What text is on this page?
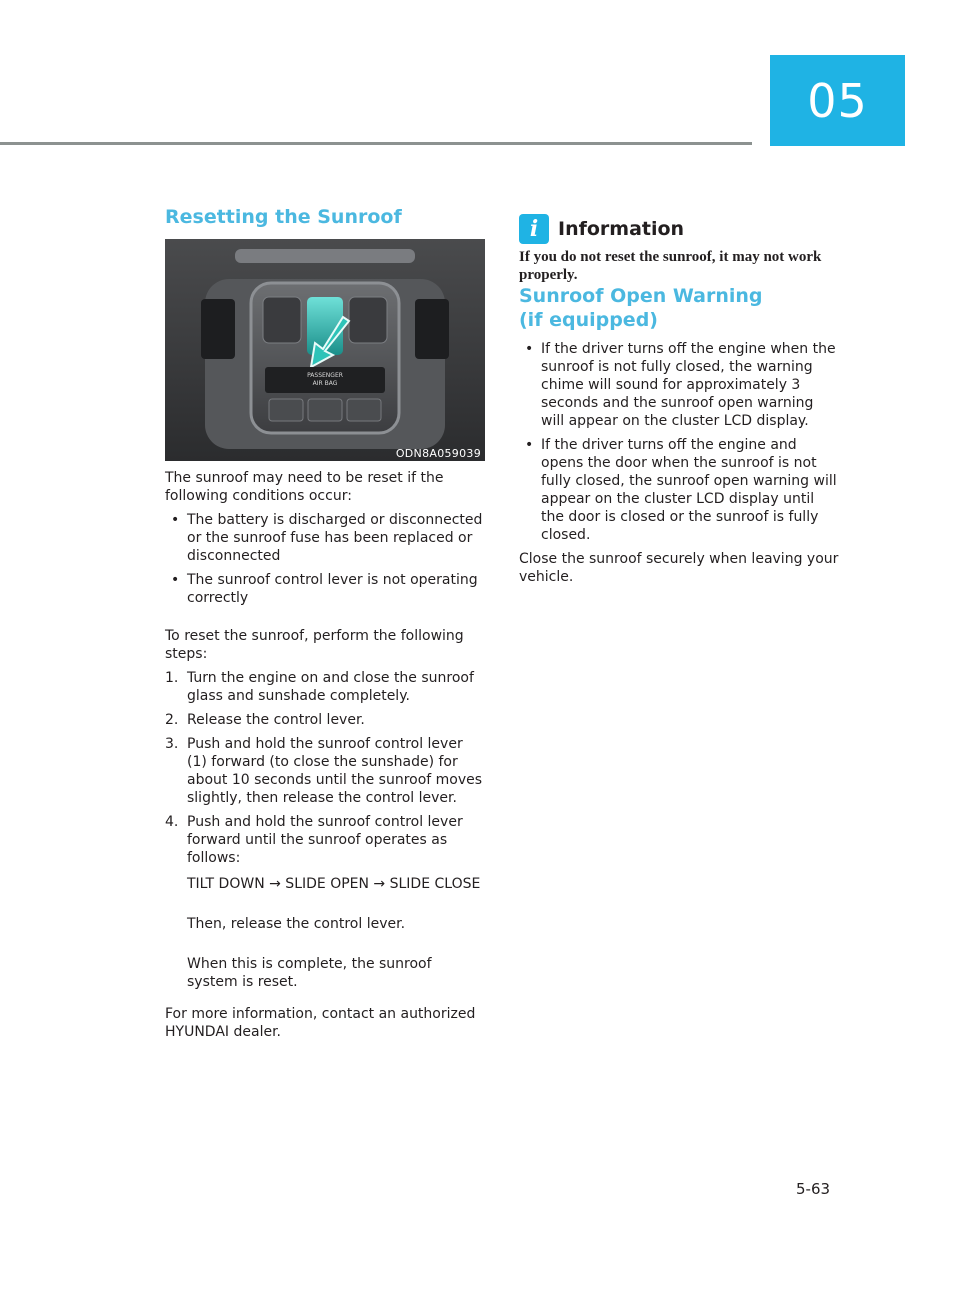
05
Resetting the Sunroof
PASSENGER
AIR BAG
ODN8A059039

The sunroof may need to be reset if the following conditions occur:

• The battery is discharged or disconnected or the sunroof fuse has been replaced or disconnected
• The sunroof control lever is not operating correctly

To reset the sunroof, perform the following steps:

1. Turn the engine on and close the sunroof glass and sunshade completely.
2. Release the control lever.
3. Push and hold the sunroof control lever (1) forward (to close the sunshade) for about 10 seconds until the sunroof moves slightly, then release the control lever.
4. Push and hold the sunroof control lever forward until the sunroof operates as follows:
TILT DOWN → SLIDE OPEN → SLIDE CLOSE
Then, release the control lever.
When this is complete, the sunroof system is reset.

For more information, contact an authorized HYUNDAI dealer.

i	Information
If you do not reset the sunroof, it may not work properly.
Sunroof Open Warning
(if equipped)
• If the driver turns off the engine when the sunroof is not fully closed, the warning chime will sound for approximately 3 seconds and the sunroof open warning will appear on the cluster LCD display.
• If the driver turns off the engine and opens the door when the sunroof is not fully closed, the sunroof open warning will appear on the cluster LCD display until the door is closed or the sunroof is fully closed.

Close the sunroof securely when leaving your vehicle.

5-63
